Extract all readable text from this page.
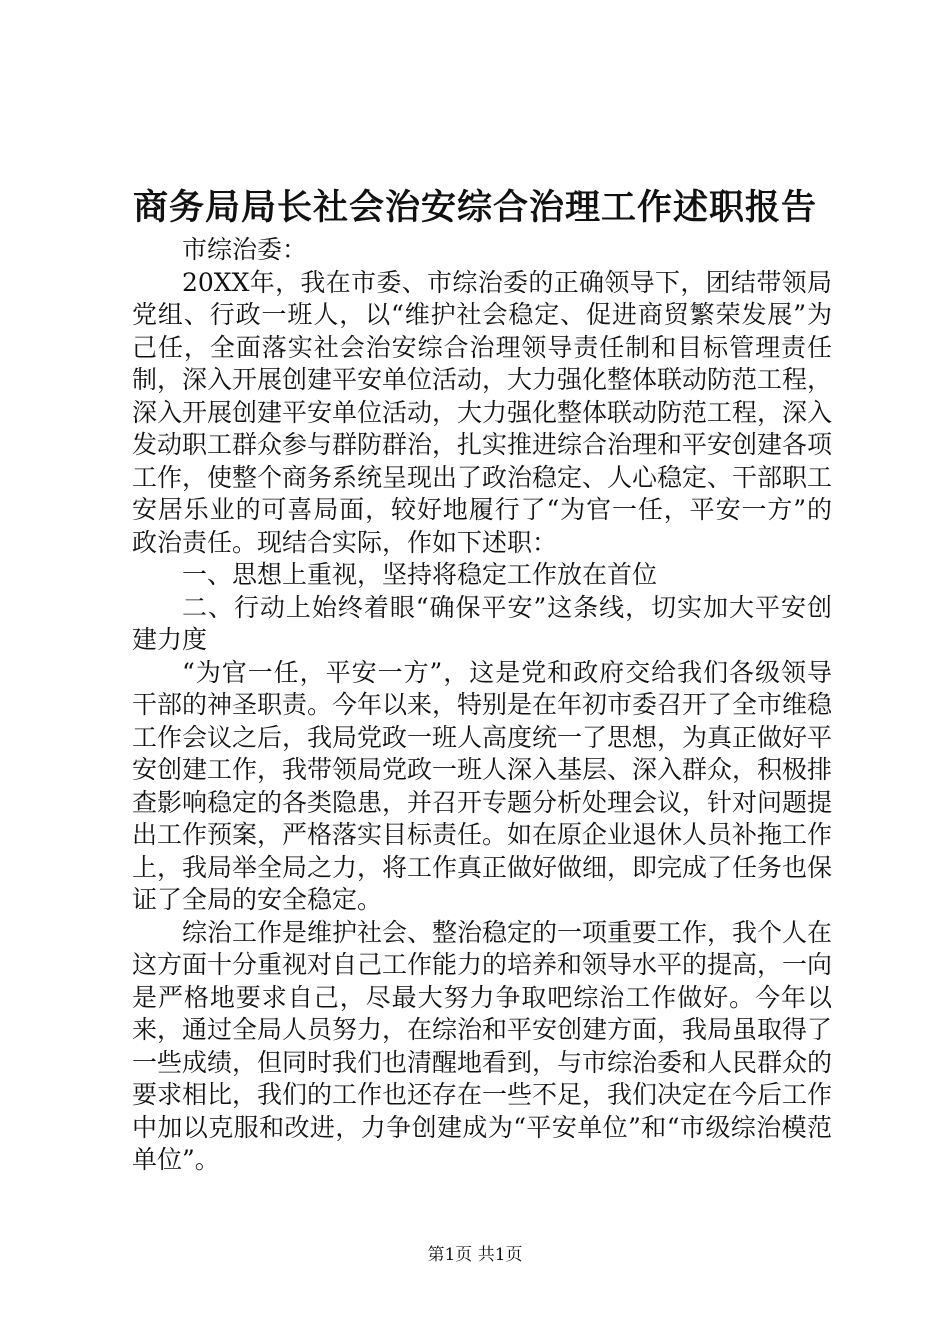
商务局局长社会治安综合治理工作述职报告

市综治委：

20XX年，我在市委、市综治委的正确领导下，团结带领局党组、行政一班人，以“维护社会稳定、促进商贸繁荣发展”为己任，全面落实社会治安综合治理领导责任制和目标管理责任制，深入开展创建平安单位活动，大力强化整体联动防范工程，深入开展创建平安单位活动，大力强化整体联动防范工程，深入发动职工群众参与群防群治，扎实推进综合治理和平安创建各项工作，使整个商务系统呈现出了政治稳定、人心稳定、干部职工安居乐业的可喜局面，较好地履行了“为官一任，平安一方”的政治责任。现结合实际，作如下述职：

一、思想上重视，坚持将稳定工作放在首位

二、行动上始终着眼“确保平安”这条线，切实加大平安创建力度

“为官一任，平安一方”，这是党和政府交给我们各级领导干部的神圣职责。今年以来，特别是在年初市委召开了全市维稳工作会议之后，我局党政一班人高度统一了思想，为真正做好平安创建工作，我带领局党政一班人深入基层、深入群众，积极排查影响稳定的各类隐患，并召开专题分析处理会议，针对问题提出工作预案，严格落实目标责任。如在原企业退休人员补拖工作上，我局举全局之力，将工作真正做好做细，即完成了任务也保证了全局的安全稳定。

综治工作是维护社会、整治稳定的一项重要工作，我个人在这方面十分重视对自己工作能力的培养和领导水平的提高，一向是严格地要求自己，尽最大努力争取吧综治工作做好。今年以来，通过全局人员努力，在综治和平安创建方面，我局虽取得了一些成绩，但同时我们也清醒地看到，与市综治委和人民群众的要求相比，我们的工作也还存在一些不足，我们决定在今后工作中加以克服和改进，力争创建成为“平安单位”和“市级综治模范单位”。

第1页 共1页
